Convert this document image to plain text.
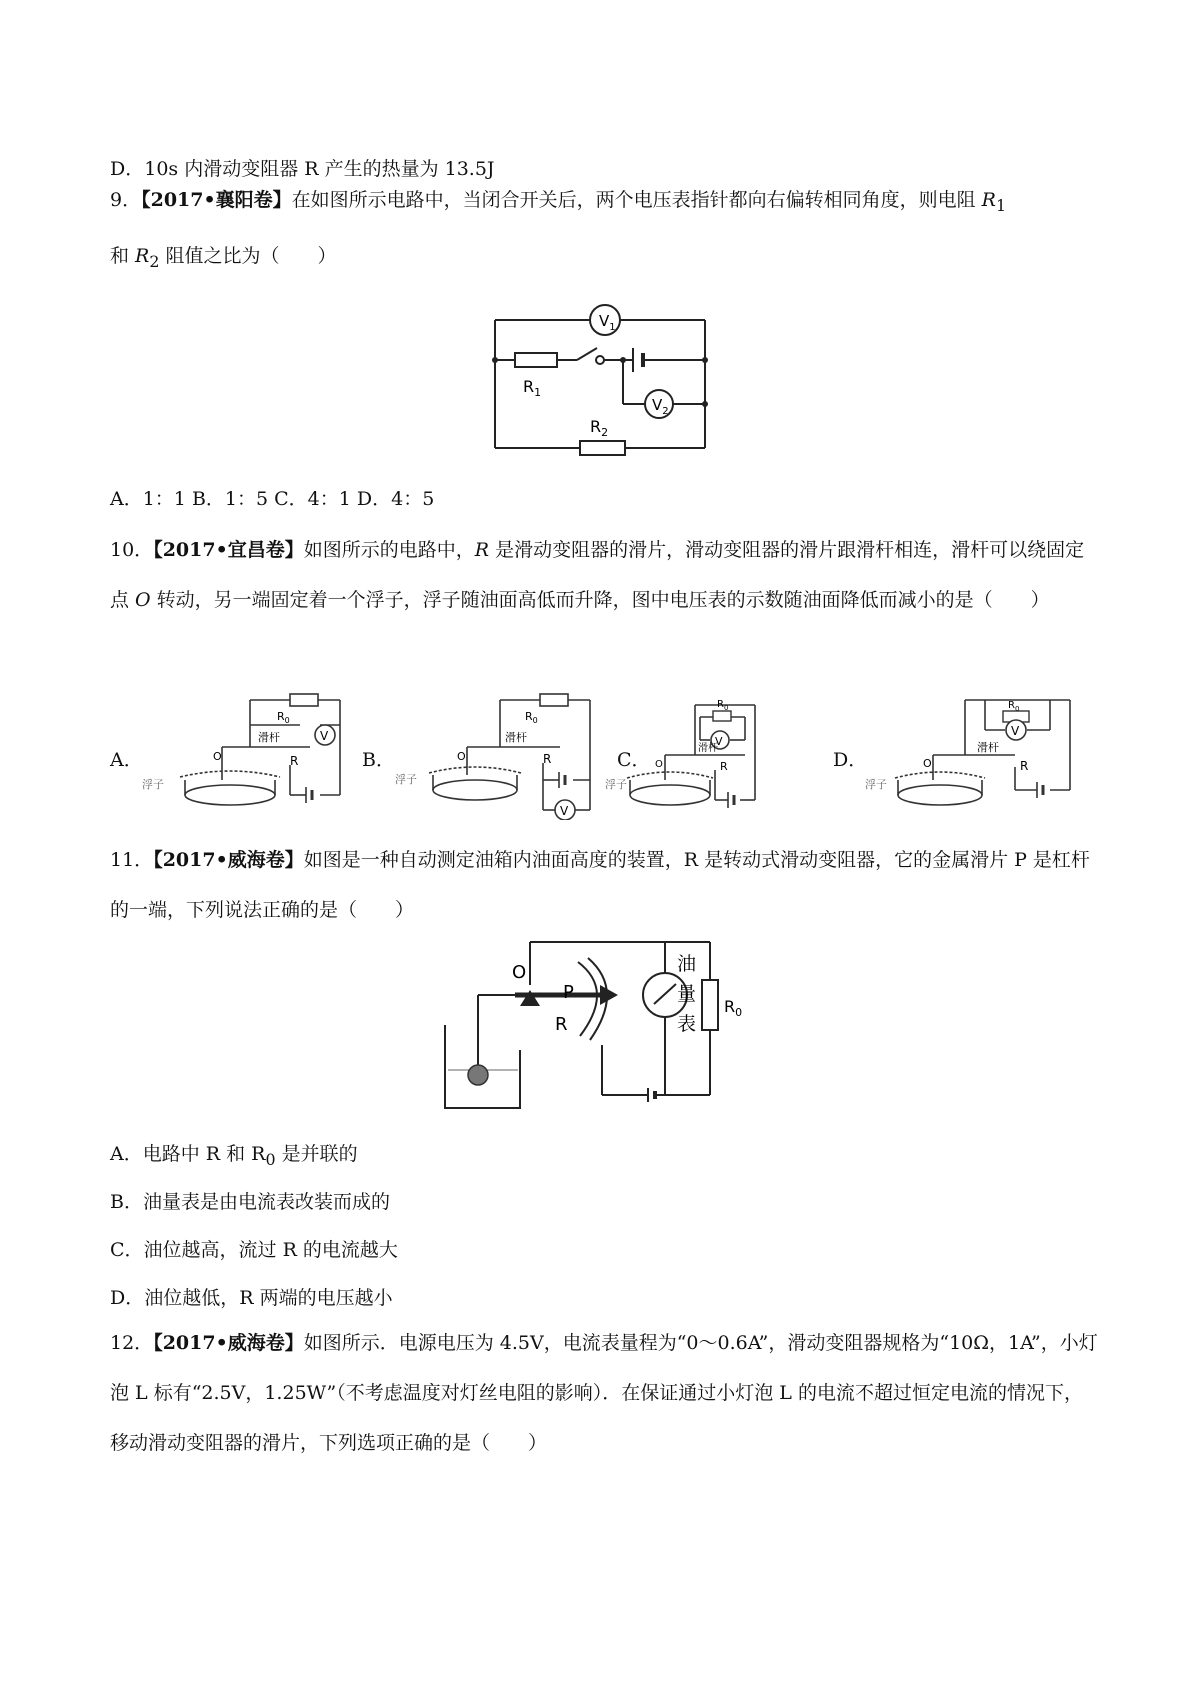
D．10s 内滑动变阻器 R 产生的热量为 13.5J
9．【2017•襄阳卷】在如图所示电路中，当闭合开关后，两个电压表指针都向右偏转相同角度，则电阻 $R_1$
和 $R_2$ 阻值之比为（　　）
$V_1$
$V_2$
$R_1$
$R_2$
A．1：1 B．1：5 C．4：1 D．4：5
10．【2017•宜昌卷】如图所示的电路中，R 是滑动变阻器的滑片，滑动变阻器的滑片跟滑杆相连，滑杆可以绕固定点 O 转动，另一端固定着一个浮子，浮子随油面高低而升降，图中电压表的示数随油面降低而减小的是（　　）
A．	B．	C．	D．
V
$R_0$
滑杆
R
O
浮子
V
$R_0$
滑杆
R
O
浮子
V
$R_0$
滑杆
R
O
浮子
V
$R_0$
滑杆
R
O
浮子
11．【2017•威海卷】如图是一种自动测定油箱内油面高度的装置，R 是转动式滑动变阻器，它的金属滑片 P 是杠杆的一端，下列说法正确的是（　　）
O
P
R
油
量
表
$R_0$
A．电路中 R 和 $R_0$ 是并联的
B．油量表是由电流表改装而成的
C．油位越高，流过 R 的电流越大
D．油位越低，R 两端的电压越小
12．【2017•威海卷】如图所示．电源电压为 4.5V，电流表量程为“0～0.6A”，滑动变阻器规格为“10Ω，1A”，小灯泡 L 标有“2.5V，1.25W”（不考虑温度对灯丝电阻的影响）．在保证通过小灯泡 L 的电流不超过恒定电流的情况下，移动滑动变阻器的滑片，下列选项正确的是（　　）
